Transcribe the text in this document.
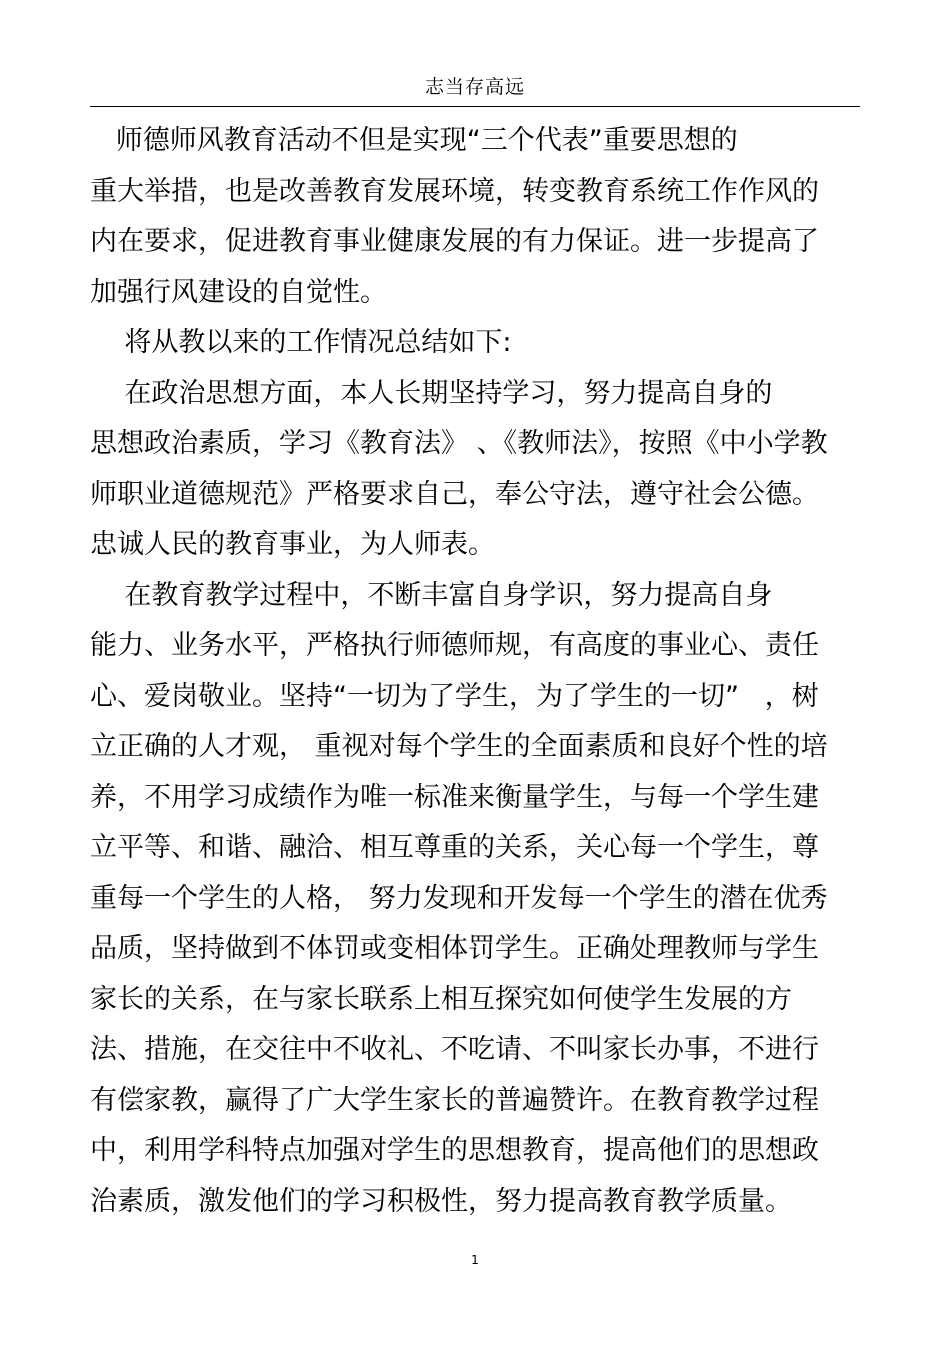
志当存高远
师德师风教育活动不但是实现“三个代表”重要思想的
重大举措，也是改善教育发展环境，转变教育系统工作作风的
内在要求，促进教育事业健康发展的有力保证。进一步提高了
加强行风建设的自觉性。
将从教以来的工作情况总结如下:
在政治思想方面，本人长期坚持学习，努力提高自身的
思想政治素质，学习《教育法》 、《教师法》，按照《中小学教
师职业道德规范》严格要求自己，奉公守法，遵守社会公德。
忠诚人民的教育事业，为人师表。
在教育教学过程中，不断丰富自身学识，努力提高自身
能力、业务水平，严格执行师德师规，有高度的事业心、责任
心、爱岗敬业。坚持“一切为了学生，为了学生的一切”   ，树
立正确的人才观， 重视对每个学生的全面素质和良好个性的培
养，不用学习成绩作为唯一标准来衡量学生，与每一个学生建
立平等、和谐、融洽、相互尊重的关系，关心每一个学生，尊
重每一个学生的人格， 努力发现和开发每一个学生的潜在优秀
品质，坚持做到不体罚或变相体罚学生。正确处理教师与学生
家长的关系，在与家长联系上相互探究如何使学生发展的方
法、措施，在交往中不收礼、不吃请、不叫家长办事，不进行
有偿家教，赢得了广大学生家长的普遍赞许。在教育教学过程
中，利用学科特点加强对学生的思想教育，提高他们的思想政
治素质，激发他们的学习积极性，努力提高教育教学质量。
1
